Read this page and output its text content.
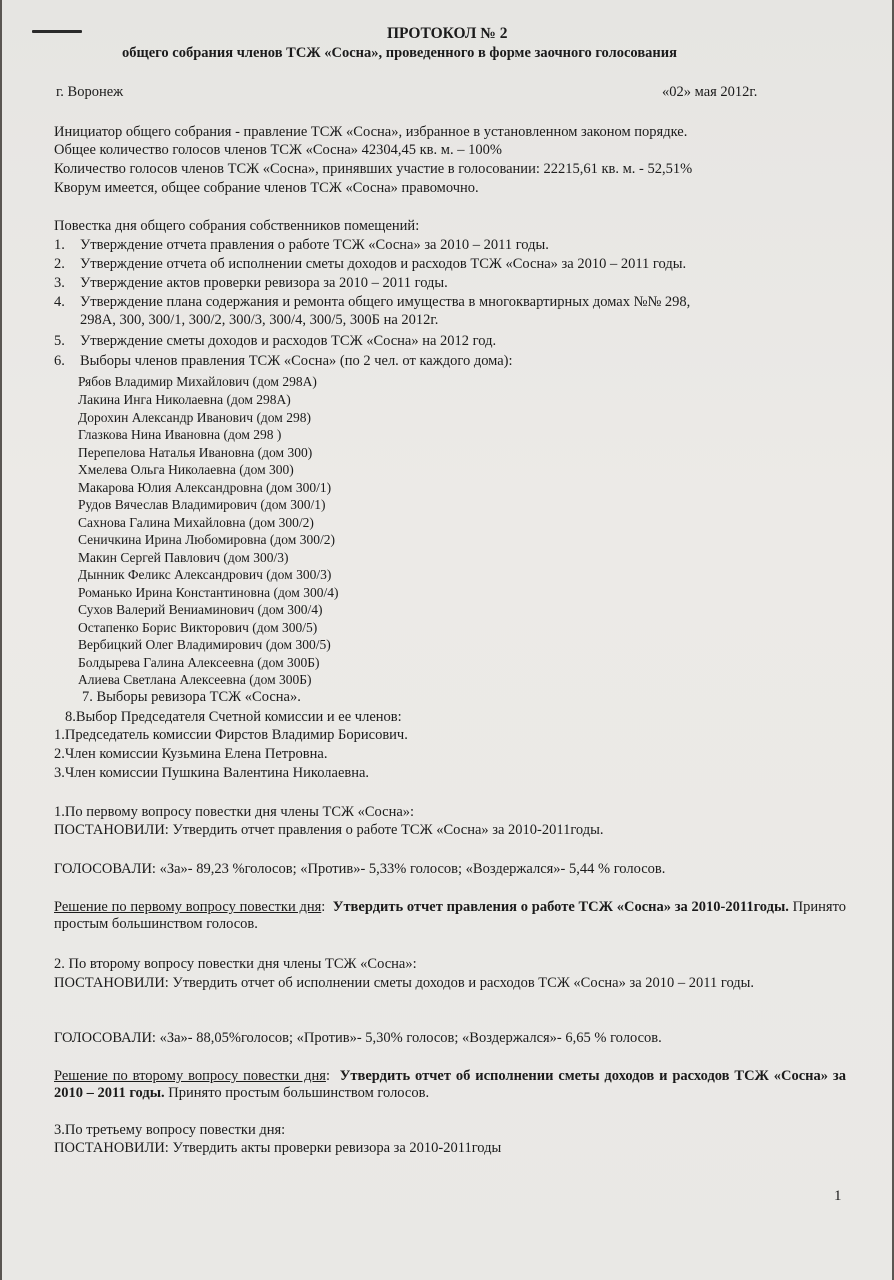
ПРОТОКОЛ № 2
общего собрания членов ТСЖ «Сосна», проведенного в форме заочного голосования
г. Воронеж	«02» мая 2012г.
Инициатор общего собрания - правление ТСЖ «Сосна», избранное в установленном законом порядке.
Общее количество голосов членов ТСЖ «Сосна» 42304,45 кв. м. – 100%
Количество голосов членов ТСЖ «Сосна», принявших участие в голосовании: 22215,61 кв. м. - 52,51%
Кворум имеется, общее собрание членов ТСЖ «Сосна» правомочно.
Повестка дня общего собрания собственников помещений:
1. Утверждение отчета правления о работе ТСЖ «Сосна» за 2010 – 2011 годы.
2. Утверждение отчета об исполнении сметы доходов и расходов ТСЖ «Сосна» за 2010 – 2011 годы.
3. Утверждение актов проверки ревизора за 2010 – 2011 годы.
4. Утверждение плана содержания и ремонта общего имущества в многоквартирных домах №№ 298,
298А, 300, 300/1, 300/2, 300/3, 300/4, 300/5, 300Б на 2012г.
5. Утверждение сметы доходов и расходов ТСЖ «Сосна» на 2012 год.
6. Выборы членов правления ТСЖ «Сосна» (по 2 чел. от каждого дома):
Рябов Владимир Михайлович (дом 298А)
Лакина Инга Николаевна (дом 298А)
Дорохин Александр Иванович (дом 298)
Глазкова Нина Ивановна (дом 298 )
Перепелова Наталья Ивановна (дом 300)
Хмелева Ольга Николаевна (дом 300)
Макарова Юлия Александровна (дом 300/1)
Рудов Вячеслав Владимирович (дом 300/1)
Сахнова Галина Михайловна (дом 300/2)
Сеничкина Ирина Любомировна (дом 300/2)
Макин Сергей Павлович (дом 300/3)
Дынник Феликс Александрович (дом 300/3)
Романько Ирина Константиновна (дом 300/4)
Сухов Валерий Вениаминович (дом 300/4)
Остапенко Борис Викторович (дом 300/5)
Вербицкий Олег Владимирович (дом 300/5)
Болдырева Галина Алексеевна (дом 300Б)
Алиева Светлана Алексеевна (дом 300Б)
7. Выборы ревизора ТСЖ «Сосна».
8.Выбор Председателя Счетной комиссии и ее членов:
1.Председатель комиссии Фирстов Владимир Борисович.
2.Член комиссии Кузьмина Елена Петровна.
3.Член комиссии Пушкина Валентина Николаевна.
1.По первому вопросу повестки дня члены ТСЖ «Сосна»:
ПОСТАНОВИЛИ: Утвердить отчет правления о работе ТСЖ «Сосна» за 2010-2011годы.
ГОЛОСОВАЛИ: «За»- 89,23 %голосов; «Против»- 5,33% голосов; «Воздержался»- 5,44 % голосов.
Решение по первому вопросу повестки дня:  Утвердить отчет правления о работе ТСЖ «Сосна» за 2010-2011годы. Принято простым большинством голосов.
2. По второму вопросу повестки дня члены ТСЖ «Сосна»:
ПОСТАНОВИЛИ: Утвердить отчет об исполнении сметы доходов и расходов ТСЖ «Сосна» за 2010 – 2011 годы.
ГОЛОСОВАЛИ: «За»- 88,05%голосов; «Против»- 5,30% голосов; «Воздержался»- 6,65 % голосов.
Решение по второму вопросу повестки дня:  Утвердить отчет об исполнении сметы доходов и расходов ТСЖ «Сосна» за 2010 – 2011 годы. Принято простым большинством голосов.
3.По третьему вопросу повестки дня:
ПОСТАНОВИЛИ: Утвердить акты проверки ревизора за 2010-2011годы
1
